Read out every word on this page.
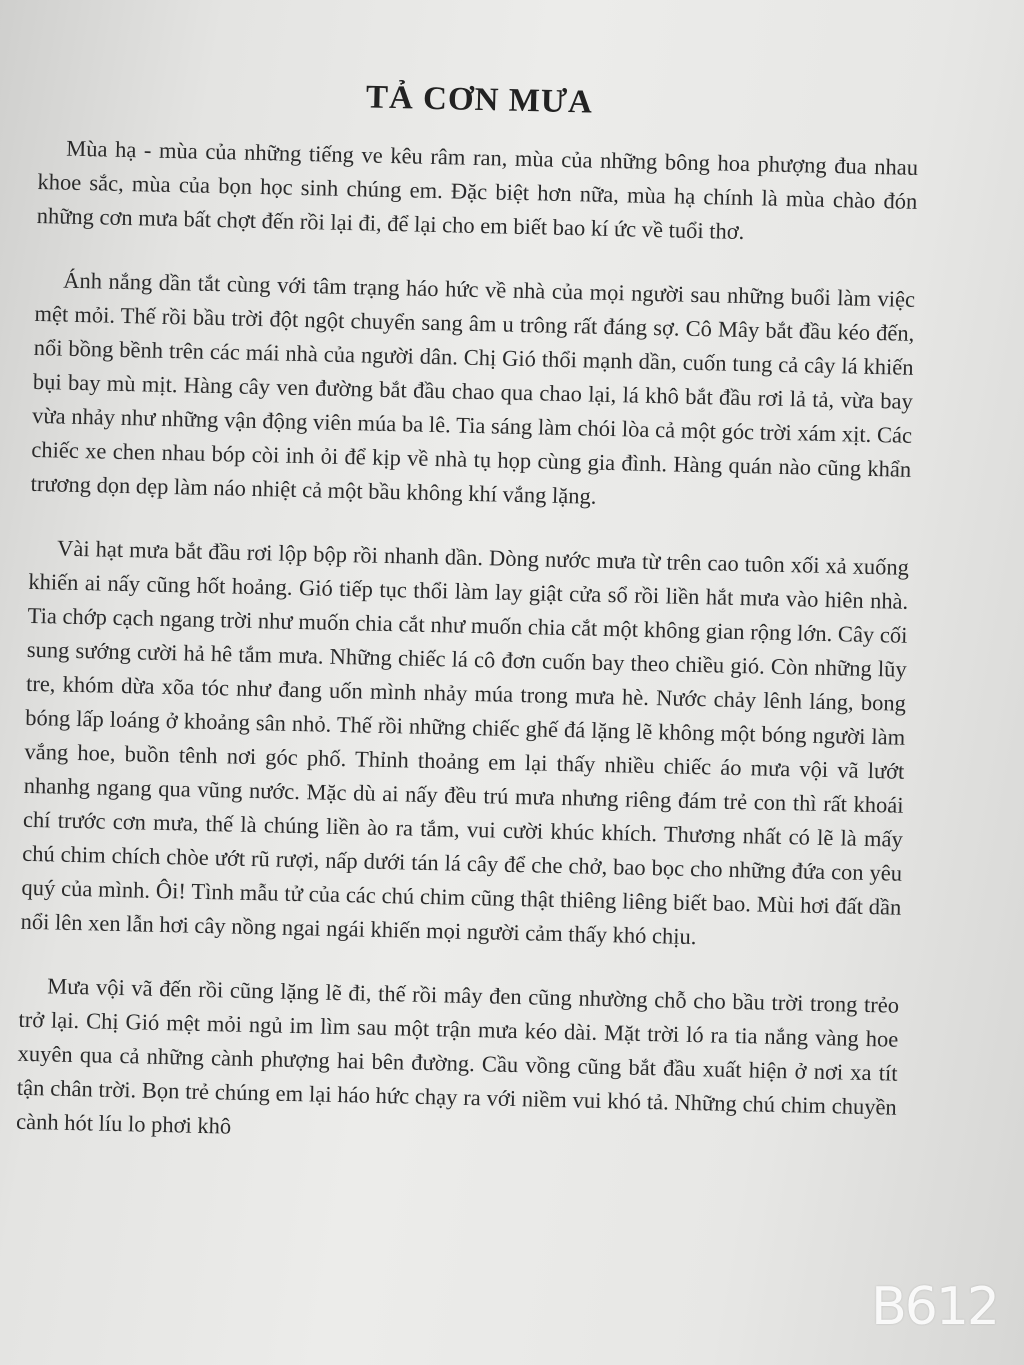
TẢ CƠN MƯA

Mùa hạ - mùa của những tiếng ve kêu râm ran, mùa của những bông hoa phượng đua nhau khoe sắc, mùa của bọn học sinh chúng em. Đặc biệt hơn nữa, mùa hạ chính là mùa chào đón những cơn mưa bất chợt đến rồi lại đi, để lại cho em biết bao kí ức về tuổi thơ.

Ánh nắng dần tắt cùng với tâm trạng háo hức về nhà của mọi người sau những buổi làm việc mệt mỏi. Thế rồi bầu trời đột ngột chuyển sang âm u trông rất đáng sợ. Cô Mây bắt đầu kéo đến, nổi bồng bềnh trên các mái nhà của người dân. Chị Gió thổi mạnh dần, cuốn tung cả cây lá khiến bụi bay mù mịt. Hàng cây ven đường bắt đầu chao qua chao lại, lá khô bắt đầu rơi lả tả, vừa bay vừa nhảy như những vận động viên múa ba lê. Tia sáng làm chói lòa cả một góc trời xám xịt. Các chiếc xe chen nhau bóp còi inh ỏi để kịp về nhà tụ họp cùng gia đình. Hàng quán nào cũng khẩn trương dọn dẹp làm náo nhiệt cả một bầu không khí vắng lặng.

Vài hạt mưa bắt đầu rơi lộp bộp rồi nhanh dần. Dòng nước mưa từ trên cao tuôn xối xả xuống khiến ai nấy cũng hốt hoảng. Gió tiếp tục thổi làm lay giật cửa sổ rồi liền hắt mưa vào hiên nhà. Tia chớp cạch ngang trời như muốn chia cắt như muốn chia cắt một không gian rộng lớn. Cây cối sung sướng cười hả hê tắm mưa. Những chiếc lá cô đơn cuốn bay theo chiều gió. Còn những lũy tre, khóm dừa xõa tóc như đang uốn mình nhảy múa trong mưa hè. Nước chảy lênh láng, bong bóng lấp loáng ở khoảng sân nhỏ. Thế rồi những chiếc ghế đá lặng lẽ không một bóng người làm vắng hoe, buồn tênh nơi góc phố. Thỉnh thoảng em lại thấy nhiều chiếc áo mưa vội vã lướt nhanhg ngang qua vũng nước. Mặc dù ai nấy đều trú mưa nhưng riêng đám trẻ con thì rất khoái chí trước cơn mưa, thế là chúng liền ào ra tắm, vui cười khúc khích. Thương nhất có lẽ là mấy chú chim chích chòe ướt rũ rượi, nấp dưới tán lá cây để che chở, bao bọc cho những đứa con yêu quý của mình. Ôi! Tình mẫu tử của các chú chim cũng thật thiêng liêng biết bao. Mùi hơi đất dần nổi lên xen lẫn hơi cây nồng ngai ngái khiến mọi người cảm thấy khó chịu.

Mưa vội vã đến rồi cũng lặng lẽ đi, thế rồi mây đen cũng nhường chỗ cho bầu trời trong trẻo trở lại. Chị Gió mệt mỏi ngủ im lìm sau một trận mưa kéo dài. Mặt trời ló ra tia nắng vàng hoe xuyên qua cả những cành phượng hai bên đường. Cầu vồng cũng bắt đầu xuất hiện ở nơi xa tít tận chân trời. Bọn trẻ chúng em lại háo hức chạy ra với niềm vui khó tả. Những chú chim chuyền cành hót líu lo phơi khô

B612
